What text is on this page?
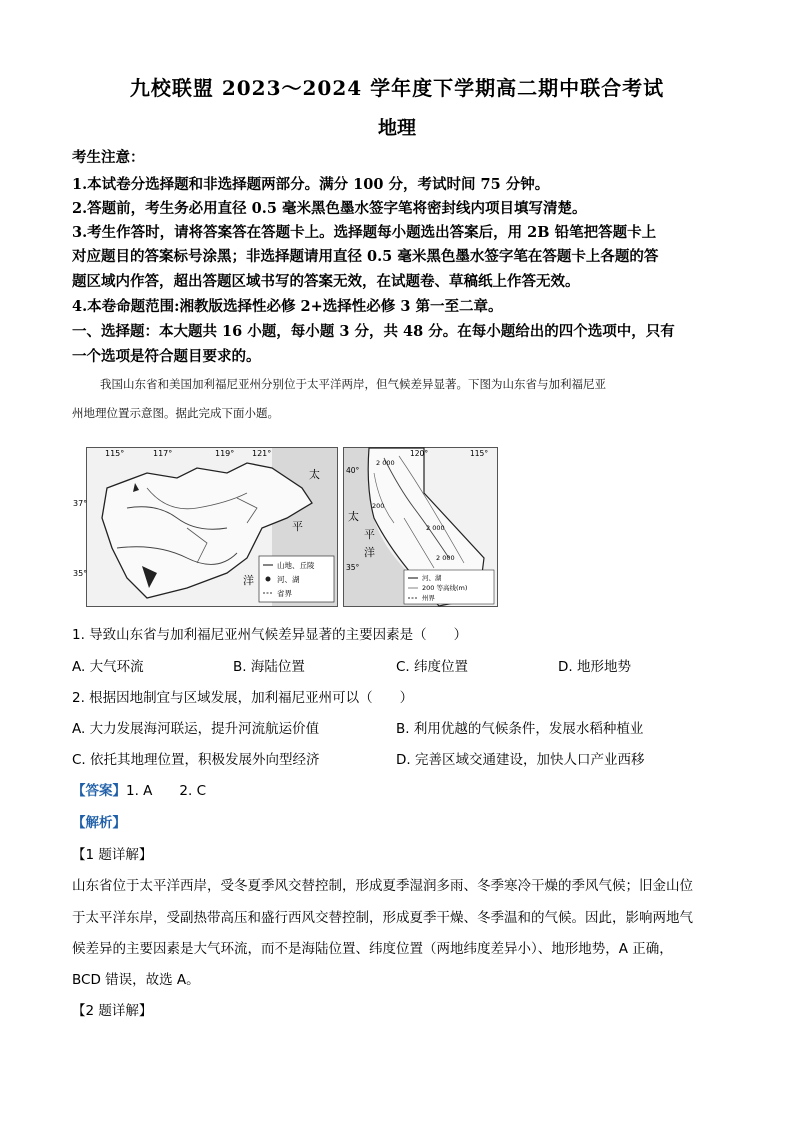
九校联盟 2023～2024 学年度下学期高二期中联合考试
地理
考生注意：
1.本试卷分选择题和非选择题两部分。满分 100 分，考试时间 75 分钟。
2.答题前，考生务必用直径 0.5 毫米黑色墨水签字笔将密封线内项目填写清楚。
3.考生作答时，请将答案答在答题卡上。选择题每小题选出答案后，用 2B 铅笔把答题卡上
对应题目的答案标号涂黑；非选择题请用直径 0.5 毫米黑色墨水签字笔在答题卡上各题的答
题区域内作答，超出答题区域书写的答案无效，在试题卷、草稿纸上作答无效。
4.本卷命题范围:湘教版选择性必修 2+选择性必修 3 第一至二章。
一、选择题：本大题共 16 小题，每小题 3 分，共 48 分。在每小题给出的四个选项中，只有
一个选项是符合题目要求的。
我国山东省和美国加利福尼亚州分别位于太平洋两岸，但气候差异显著。下图为山东省与加利福尼亚
州地理位置示意图。据此完成下面小题。
115°	117°	119° 121°
37°
35°
太
平
洋
山地、丘陵
河、湖
省界
120°	115°
40°
35°
2 000
200
2 000
2 000
太
平
洋
河、湖
200 等高线(m)
州界
1. 导致山东省与加利福尼亚州气候差异显著的主要因素是（　　）
A. 大气环流	B. 海陆位置	C. 纬度位置	D. 地形地势
2. 根据因地制宜与区域发展，加利福尼亚州可以（　　）
A. 大力发展海河联运，提升河流航运价值	B. 利用优越的气候条件，发展水稻种植业
C. 依托其地理位置，积极发展外向型经济	D. 完善区域交通建设，加快人口产业西移
【答案】1. A　　2. C
【解析】
【1 题详解】
山东省位于太平洋西岸，受冬夏季风交替控制，形成夏季湿润多雨、冬季寒冷干燥的季风气候；旧金山位
于太平洋东岸，受副热带高压和盛行西风交替控制，形成夏季干燥、冬季温和的气候。因此，影响两地气
候差异的主要因素是大气环流，而不是海陆位置、纬度位置（两地纬度差异小）、地形地势，A 正确，
BCD 错误，故选 A。
【2 题详解】
